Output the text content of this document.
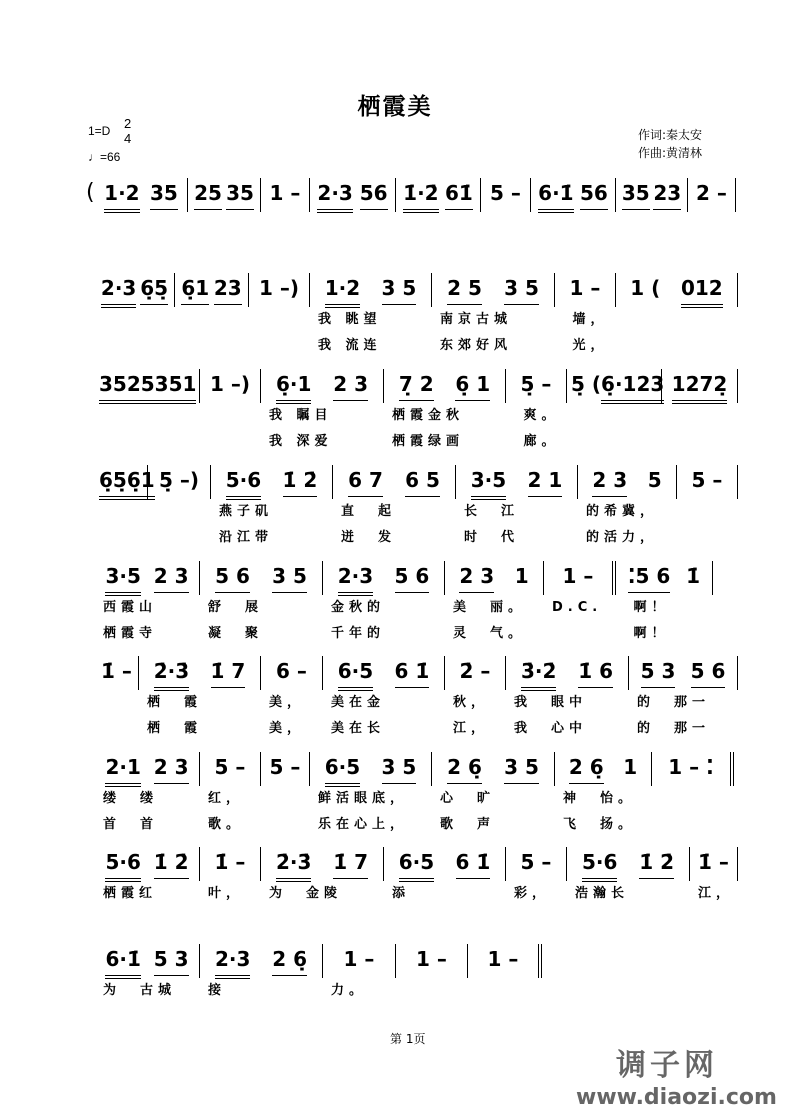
栖霞美
1=D 2
4
♩=66
作词:秦太安
作曲:黄清林
( 1·2 35 25 35 1 – 2·3 56 1̇·2̇ 61̇ 5 – 6·1̇ 56 35 23 2 –
2·3 6̣5̣ 6̣1 23 1 –) 1·2 3 5
我 眺望
我 流连
2 5 3 5
南京古城
东郊好风
1 –
墙，
光，
1 ( 012
3525 351 1 –) 6̣·1 2 3
我 瞩目
我 深爱
7̣ 2 6̣ 1
栖霞金秋
栖霞绿画
5̣ –
爽。
廊。
5̣ ( 6̣·123 1272̣
6̣5̣6̣1 5̣ –) 5·6 1̇ 2̇
燕子矶
沿江带
6 7 6 5
直  起
迸  发
3·5 2 1
长  江
时  代
2 3 5
的希冀，
的活力，
5 –
3·5 2 3
西霞山
栖霞寺
5 6 3 5
舒  展
凝  聚
2·3 5 6
金秋的
千年的
2 3 1
美  丽。
灵  气。
1 –
D.C.
⁚5 6 1̇
啊！
啊！
1̇ – 2̇·3̇ 1̇ 7
栖  霞
栖  霞
6 –
美，
美，
6·5 6 1̇
美在金
美在长
2̇ –
秋，
江，
3̇·2̇ 1̇ 6
我  眼中
我  心中
5 3 5 6
的  那一
的  那一
2·1 2 3
缕  缕
首  首
5 –
红，
歌。
5 – 6·5 3 5
鲜活眼底，
乐在心上，
2 6̣ 3 5
心  旷
歌  声
2 6̣ 1
神  怡。
飞  扬。
1 – ⁚
5·6 1̇ 2̇
栖霞红
1̇ –
叶，
2̇·3̇ 1̇ 7
为  金陵
6·5 6 1̇
添
5 –
彩，
5·6 1̇ 2̇
浩瀚长
1̇ –
江，
6·1̇ 5 3
为  古城
2·3 2 6̣
接
1 –
力。
1 – 1 –
第 1页
调子网
www.diaozi.com
